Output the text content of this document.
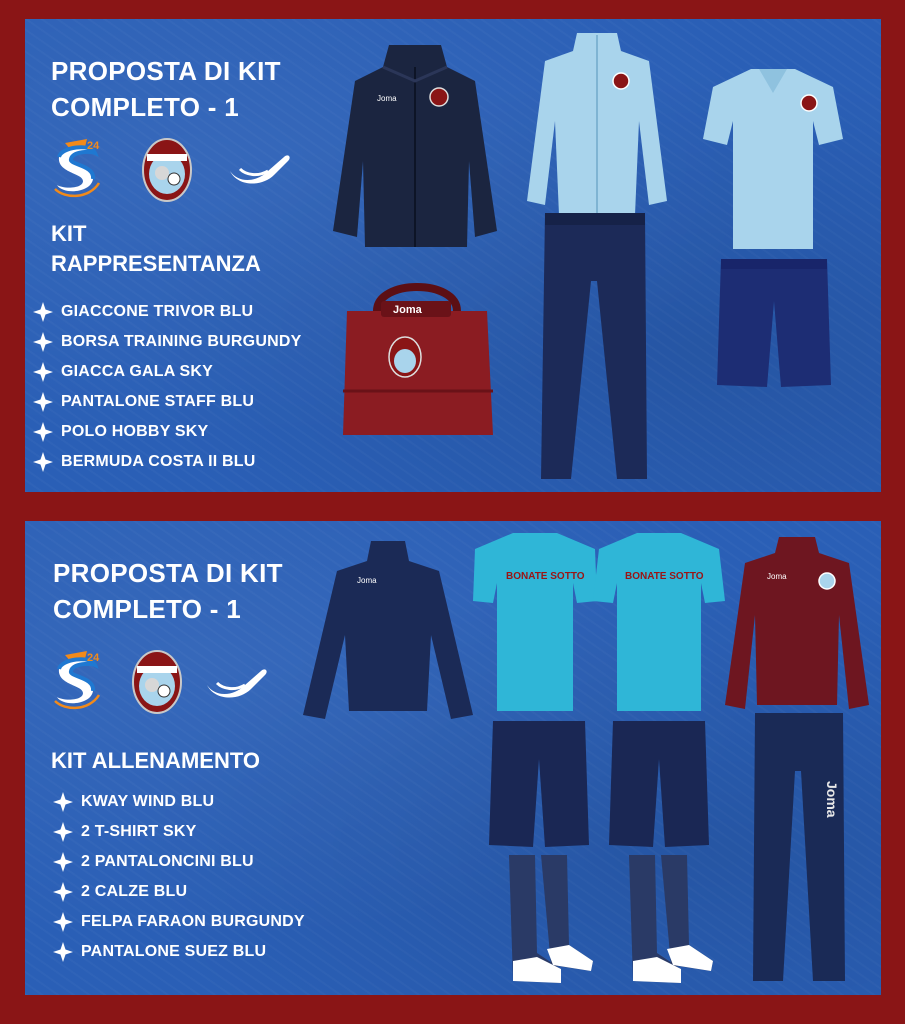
PROPOSTA DI KIT
COMPLETO - 1
24
KIT
RAPPRESENTANZA
GIACCONE TRIVOR BLU
BORSA TRAINING BURGUNDY
GIACCA GALA SKY
PANTALONE STAFF BLU
POLO HOBBY SKY
BERMUDA COSTA II BLU
Joma
Joma
PROPOSTA DI KIT
COMPLETO - 1
24
KIT ALLENAMENTO
KWAY WIND BLU
2 T-SHIRT SKY
2 PANTALONCINI BLU
2 CALZE BLU
FELPA FARAON BURGUNDY
PANTALONE SUEZ BLU
Joma	BONATE SOTTO	BONATE SOTTO	Joma
Joma
